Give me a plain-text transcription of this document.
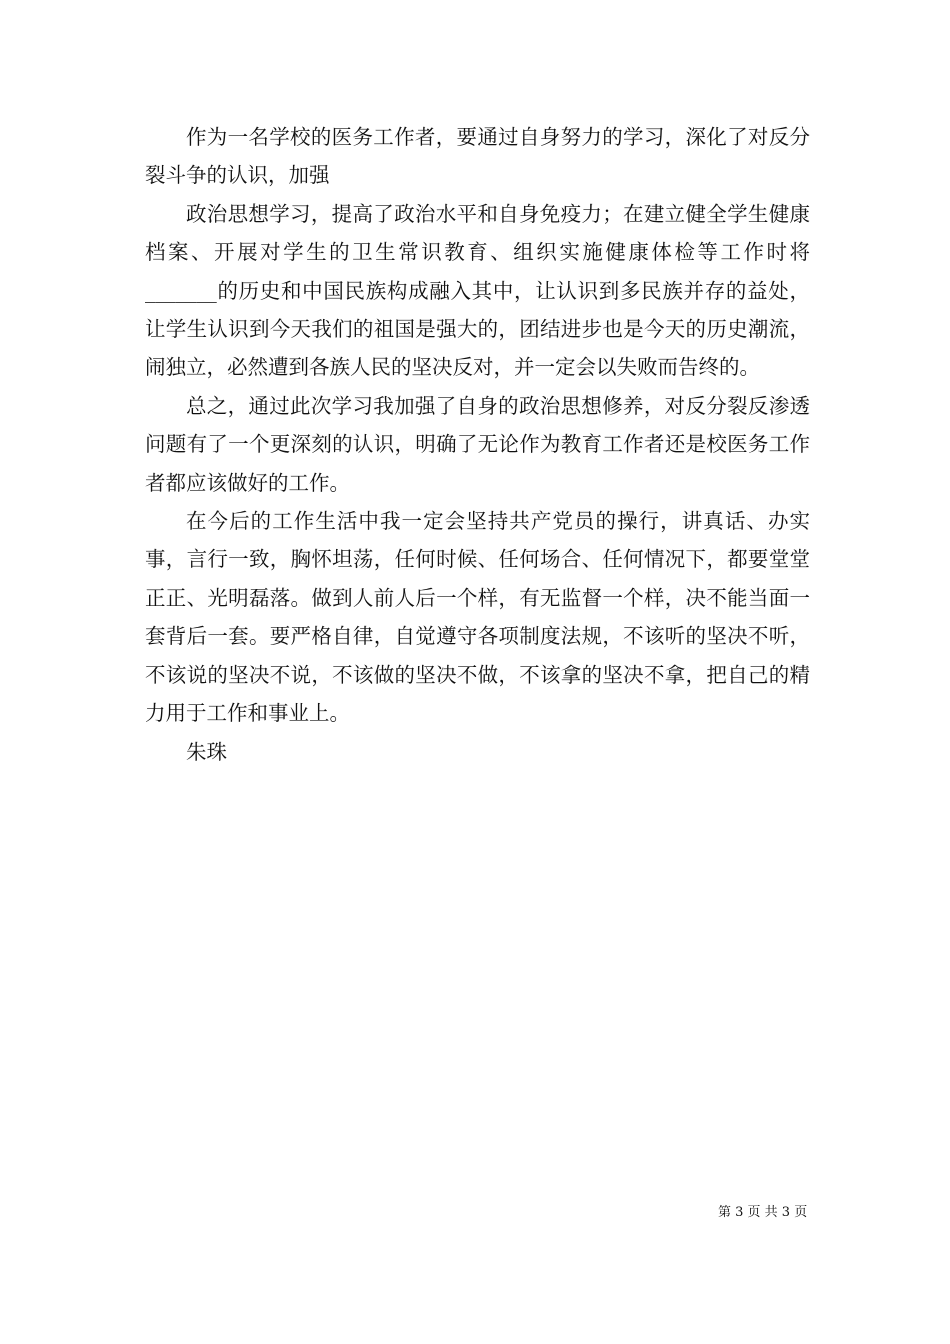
作为一名学校的医务工作者，要通过自身努力的学习，深化了对反分裂斗争的认识，加强

政治思想学习，提高了政治水平和自身免疫力；在建立健全学生健康档案、开展对学生的卫生常识教育、组织实施健康体检等工作时将_______的历史和中国民族构成融入其中，让认识到多民族并存的益处，让学生认识到今天我们的祖国是强大的，团结进步也是今天的历史潮流，闹独立，必然遭到各族人民的坚决反对，并一定会以失败而告终的。

总之，通过此次学习我加强了自身的政治思想修养，对反分裂反渗透问题有了一个更深刻的认识，明确了无论作为教育工作者还是校医务工作者都应该做好的工作。

在今后的工作生活中我一定会坚持共产党员的操行，讲真话、办实事，言行一致，胸怀坦荡，任何时候、任何场合、任何情况下，都要堂堂正正、光明磊落。做到人前人后一个样，有无监督一个样，决不能当面一套背后一套。要严格自律，自觉遵守各项制度法规，不该听的坚决不听，不该说的坚决不说，不该做的坚决不做，不该拿的坚决不拿，把自己的精力用于工作和事业上。

朱珠

第 3 页 共 3 页
